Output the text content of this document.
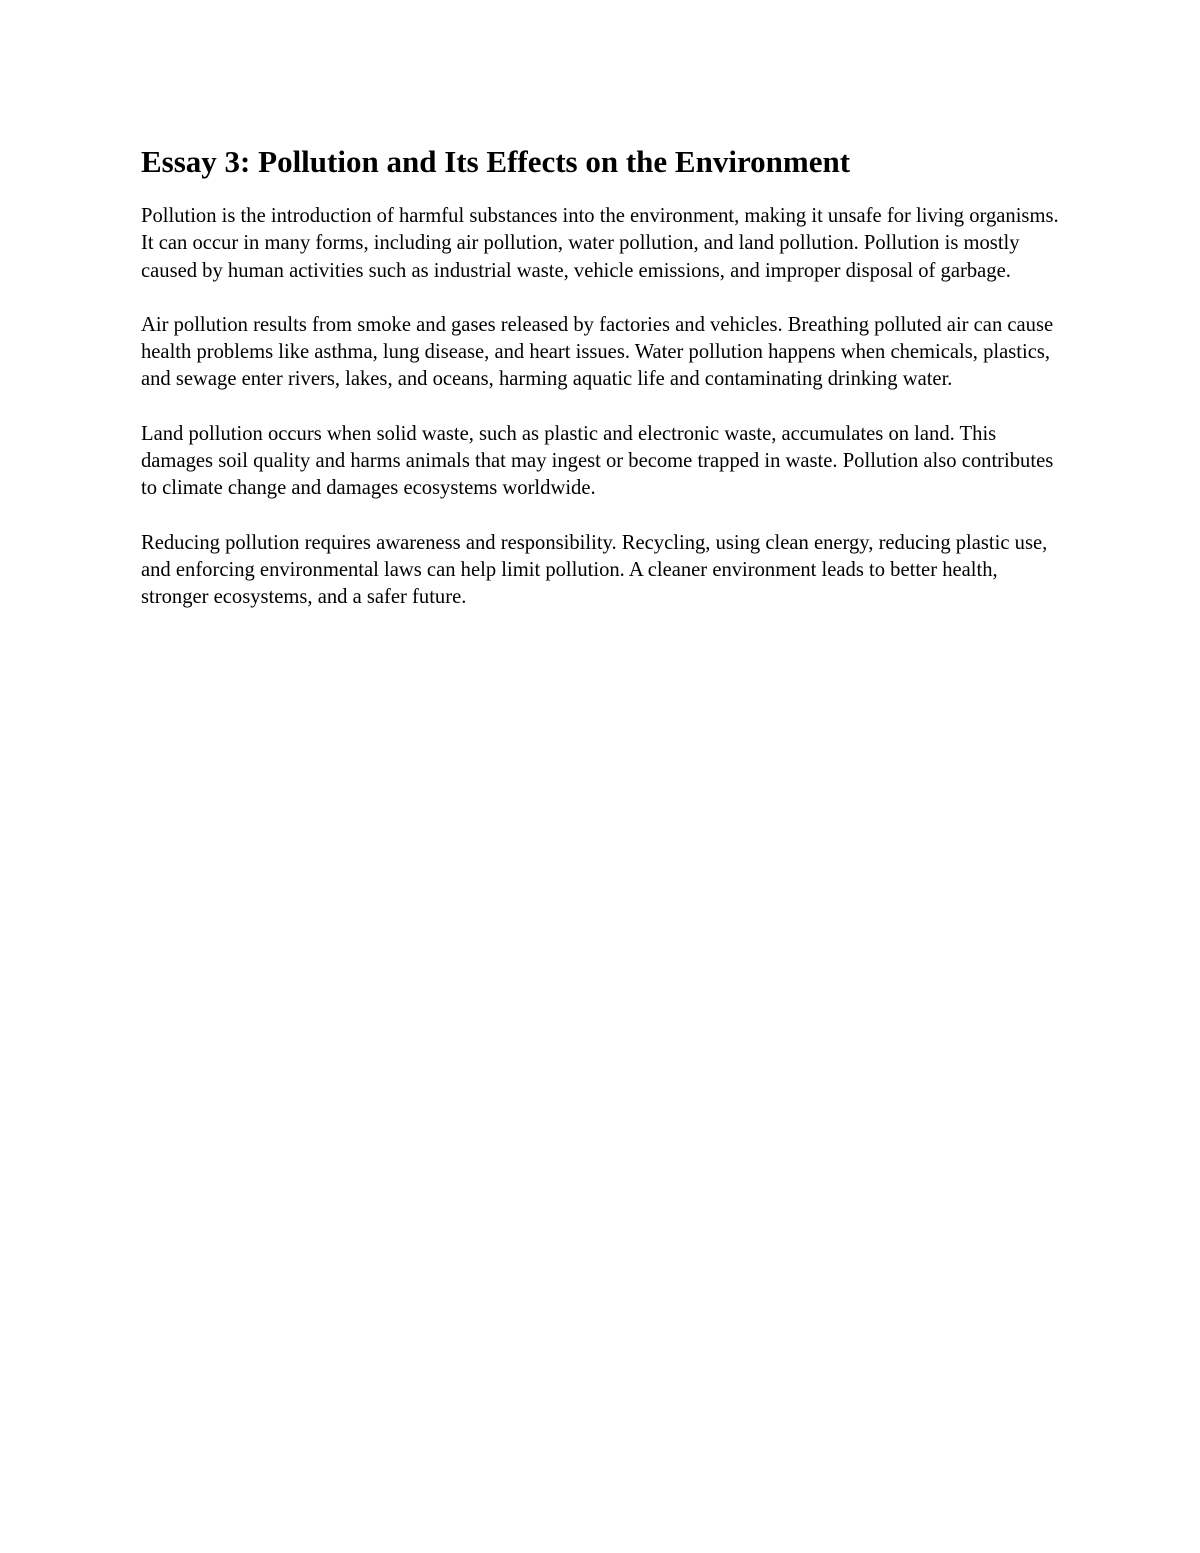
Essay 3: Pollution and Its Effects on the Environment

Pollution is the introduction of harmful substances into the environment, making it unsafe for living organisms. It can occur in many forms, including air pollution, water pollution, and land pollution. Pollution is mostly caused by human activities such as industrial waste, vehicle emissions, and improper disposal of garbage.

Air pollution results from smoke and gases released by factories and vehicles. Breathing polluted air can cause health problems like asthma, lung disease, and heart issues. Water pollution happens when chemicals, plastics, and sewage enter rivers, lakes, and oceans, harming aquatic life and contaminating drinking water.

Land pollution occurs when solid waste, such as plastic and electronic waste, accumulates on land. This damages soil quality and harms animals that may ingest or become trapped in waste. Pollution also contributes to climate change and damages ecosystems worldwide.

Reducing pollution requires awareness and responsibility. Recycling, using clean energy, reducing plastic use, and enforcing environmental laws can help limit pollution. A cleaner environment leads to better health, stronger ecosystems, and a safer future.
